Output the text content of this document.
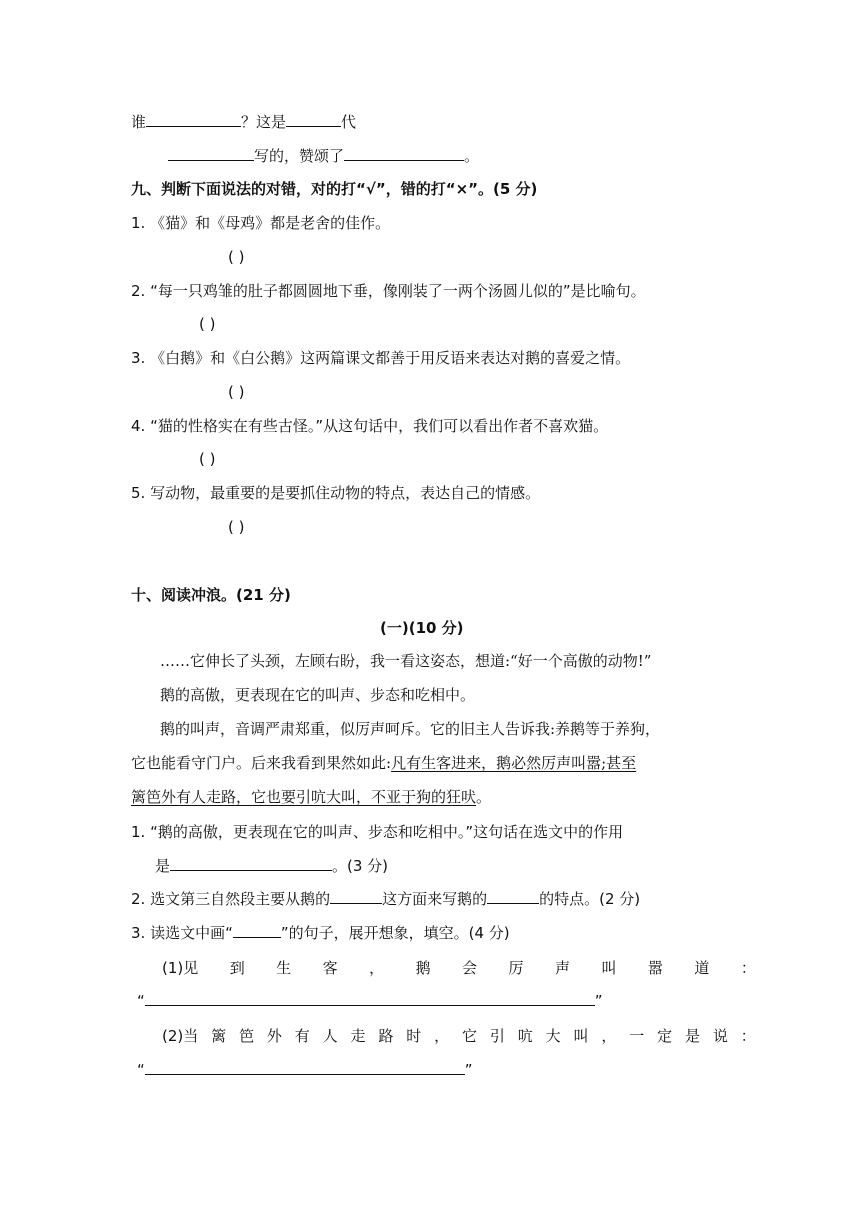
谁	？这是	代
写的，赞颂了	。
九、判断下面说法的对错，对的打“√”，错的打“×”。(5 分)
1. 《猫》和《母鸡》都是老舍的佳作。
( )
2. “每一只鸡雏的肚子都圆圆地下垂，像刚装了一两个汤圆儿似的”是比喻句。
( )
3. 《白鹅》和《白公鹅》这两篇课文都善于用反语来表达对鹅的喜爱之情。
( )
4. “猫的性格实在有些古怪。”从这句话中，我们可以看出作者不喜欢猫。
( )
5. 写动物，最重要的是要抓住动物的特点，表达自己的情感。
( )
十、阅读冲浪。(21 分)
(一)(10 分)
……它伸长了头颈，左顾右盼，我一看这姿态，想道:“好一个高傲的动物!”
鹅的高傲，更表现在它的叫声、步态和吃相中。
鹅的叫声，音调严肃郑重，似厉声呵斥。它的旧主人告诉我:养鹅等于养狗，
它也能看守门户。后来我看到果然如此:凡有生客进来，鹅必然厉声叫嚣;甚至
篱笆外有人走路，它也要引吭大叫，不亚于狗的狂吠。
1. “鹅的高傲，更表现在它的叫声、步态和吃相中。”这句话在选文中的作用
是	。(3 分)
2. 选文第三自然段主要从鹅的	这方面来写鹅的	的特点。(2 分)
3. 读选文中画“	”的句子，展开想象，填空。(4 分)
(1)见 到 生 客 ， 鹅 会 厉 声 叫 嚣 道 ：
“	”
(2)当 篱 笆 外 有 人 走 路 时 ， 它 引 吭 大 叫 ， 一 定 是 说 ：
“	”
